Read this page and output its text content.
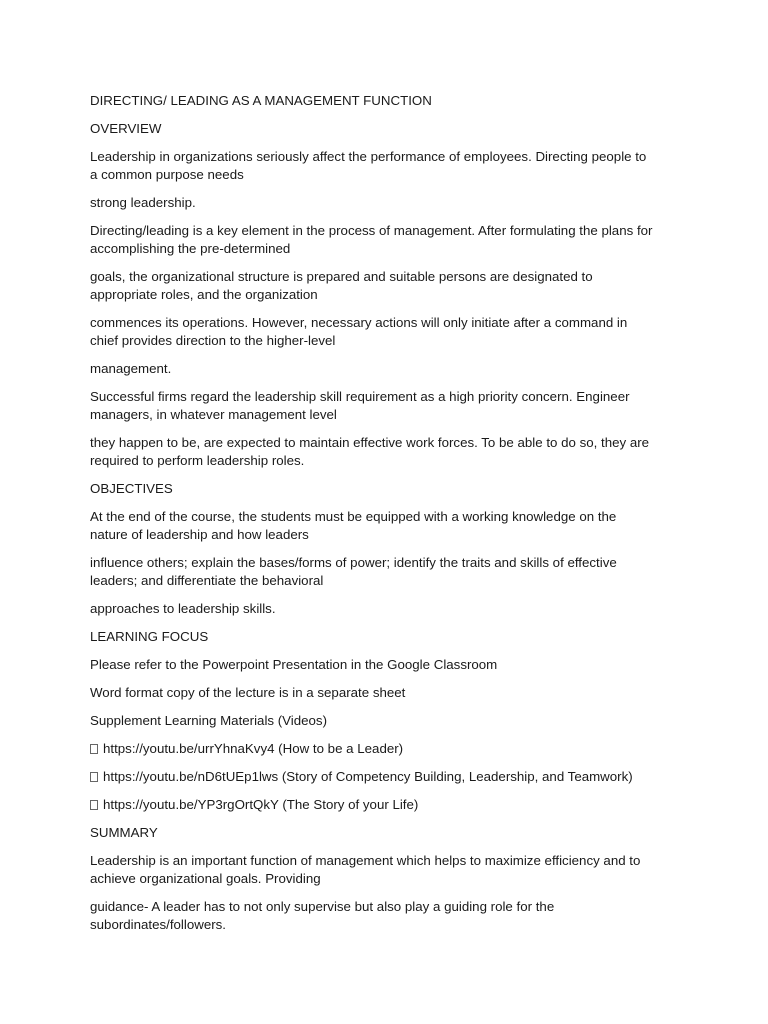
DIRECTING/ LEADING AS A MANAGEMENT FUNCTION
OVERVIEW

Leadership in organizations seriously affect the performance of employees. Directing people to
a common purpose needs

strong leadership.

Directing/leading is a key element in the process of management. After formulating the plans for
accomplishing the pre-determined

goals, the organizational structure is prepared and suitable persons are designated to
appropriate roles, and the organization

commences its operations. However, necessary actions will only initiate after a command in
chief provides direction to the higher-level

management.

Successful firms regard the leadership skill requirement as a high priority concern. Engineer
managers, in whatever management level

they happen to be, are expected to maintain effective work forces. To be able to do so, they are
required to perform leadership roles.

OBJECTIVES

At the end of the course, the students must be equipped with a working knowledge on the
nature of leadership and how leaders

influence others; explain the bases/forms of power; identify the traits and skills of effective
leaders; and differentiate the behavioral

approaches to leadership skills.

LEARNING FOCUS

Please refer to the Powerpoint Presentation in the Google Classroom

Word format copy of the lecture is in a separate sheet

Supplement Learning Materials (Videos)

https://youtu.be/urrYhnaKvy4 (How to be a Leader)
https://youtu.be/nD6tUEp1lws (Story of Competency Building, Leadership, and Teamwork)
https://youtu.be/YP3rgOrtQkY (The Story of your Life)
SUMMARY

Leadership is an important function of management which helps to maximize efficiency and to
achieve organizational goals. Providing

guidance- A leader has to not only supervise but also play a guiding role for the
subordinates/followers.
